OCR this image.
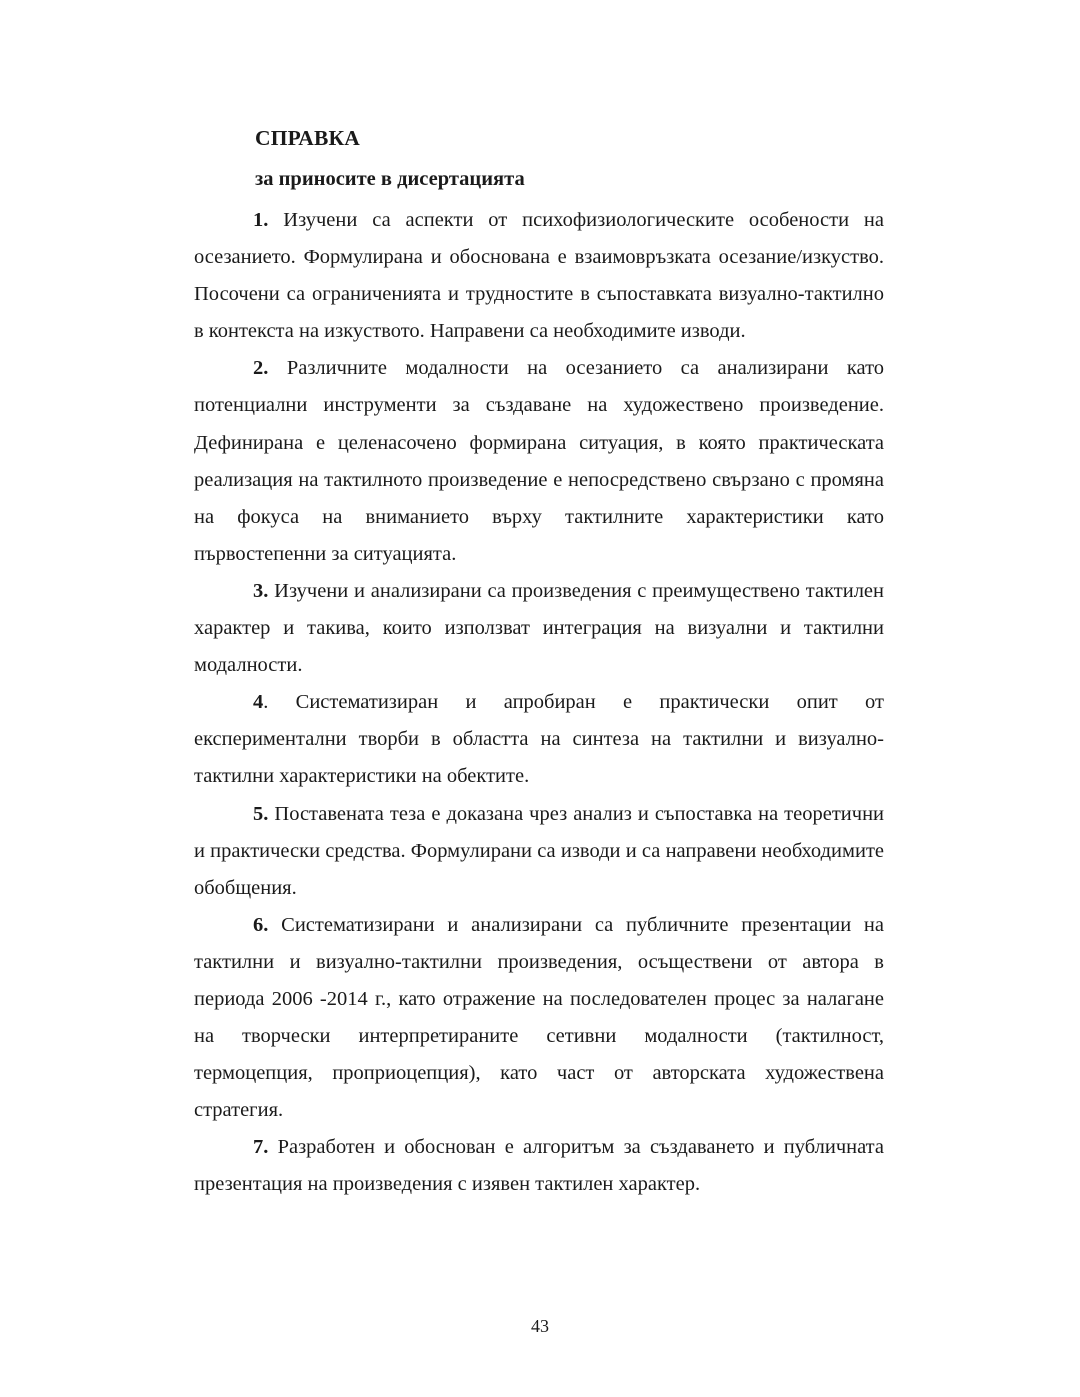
СПРАВКА
за приносите в дисертацията

1. Изучени са аспекти от психофизиологическите особености на осезанието. Формулирана и обоснована е взаимовръзката осезание/изкуство. Посочени са ограниченията и трудностите в съпоставката визуално-тактилно в контекста на изкуството. Направени са необходимите изводи.

2. Различните модалности на осезанието са анализирани като потенциални инструменти за създаване на художествено произведение. Дефинирана е целенасочено формирана ситуация, в която практическата реализация на тактилното произведение е непосредствено свързано с промяна на фокуса на вниманието върху тактилните характеристики като първостепенни за ситуацията.

3. Изучени и анализирани са произведения с преимуществено тактилен характер и такива, които използват интеграция на визуални и тактилни модалности.

4. Систематизиран и апробиран е практически опит от експериментални творби в областта на синтеза на тактилни и визуално-тактилни характеристики на обектите.

5. Поставената теза е доказана чрез анализ и съпоставка на теоретични и практически средства. Формулирани са изводи и са направени необходимите обобщения.

6. Систематизирани и анализирани са публичните презентации на тактилни и визуално-тактилни произведения, осъществени от автора в периода 2006 -2014 г., като отражение на последователен процес за налагане на творчески интерпретираните сетивни модалности (тактилност, термоцепция, проприоцепция), като част от авторската художествена стратегия.

7. Разработен и обоснован е алгоритъм за създаването и публичната презентация на произведения с изявен тактилен характер.

43
